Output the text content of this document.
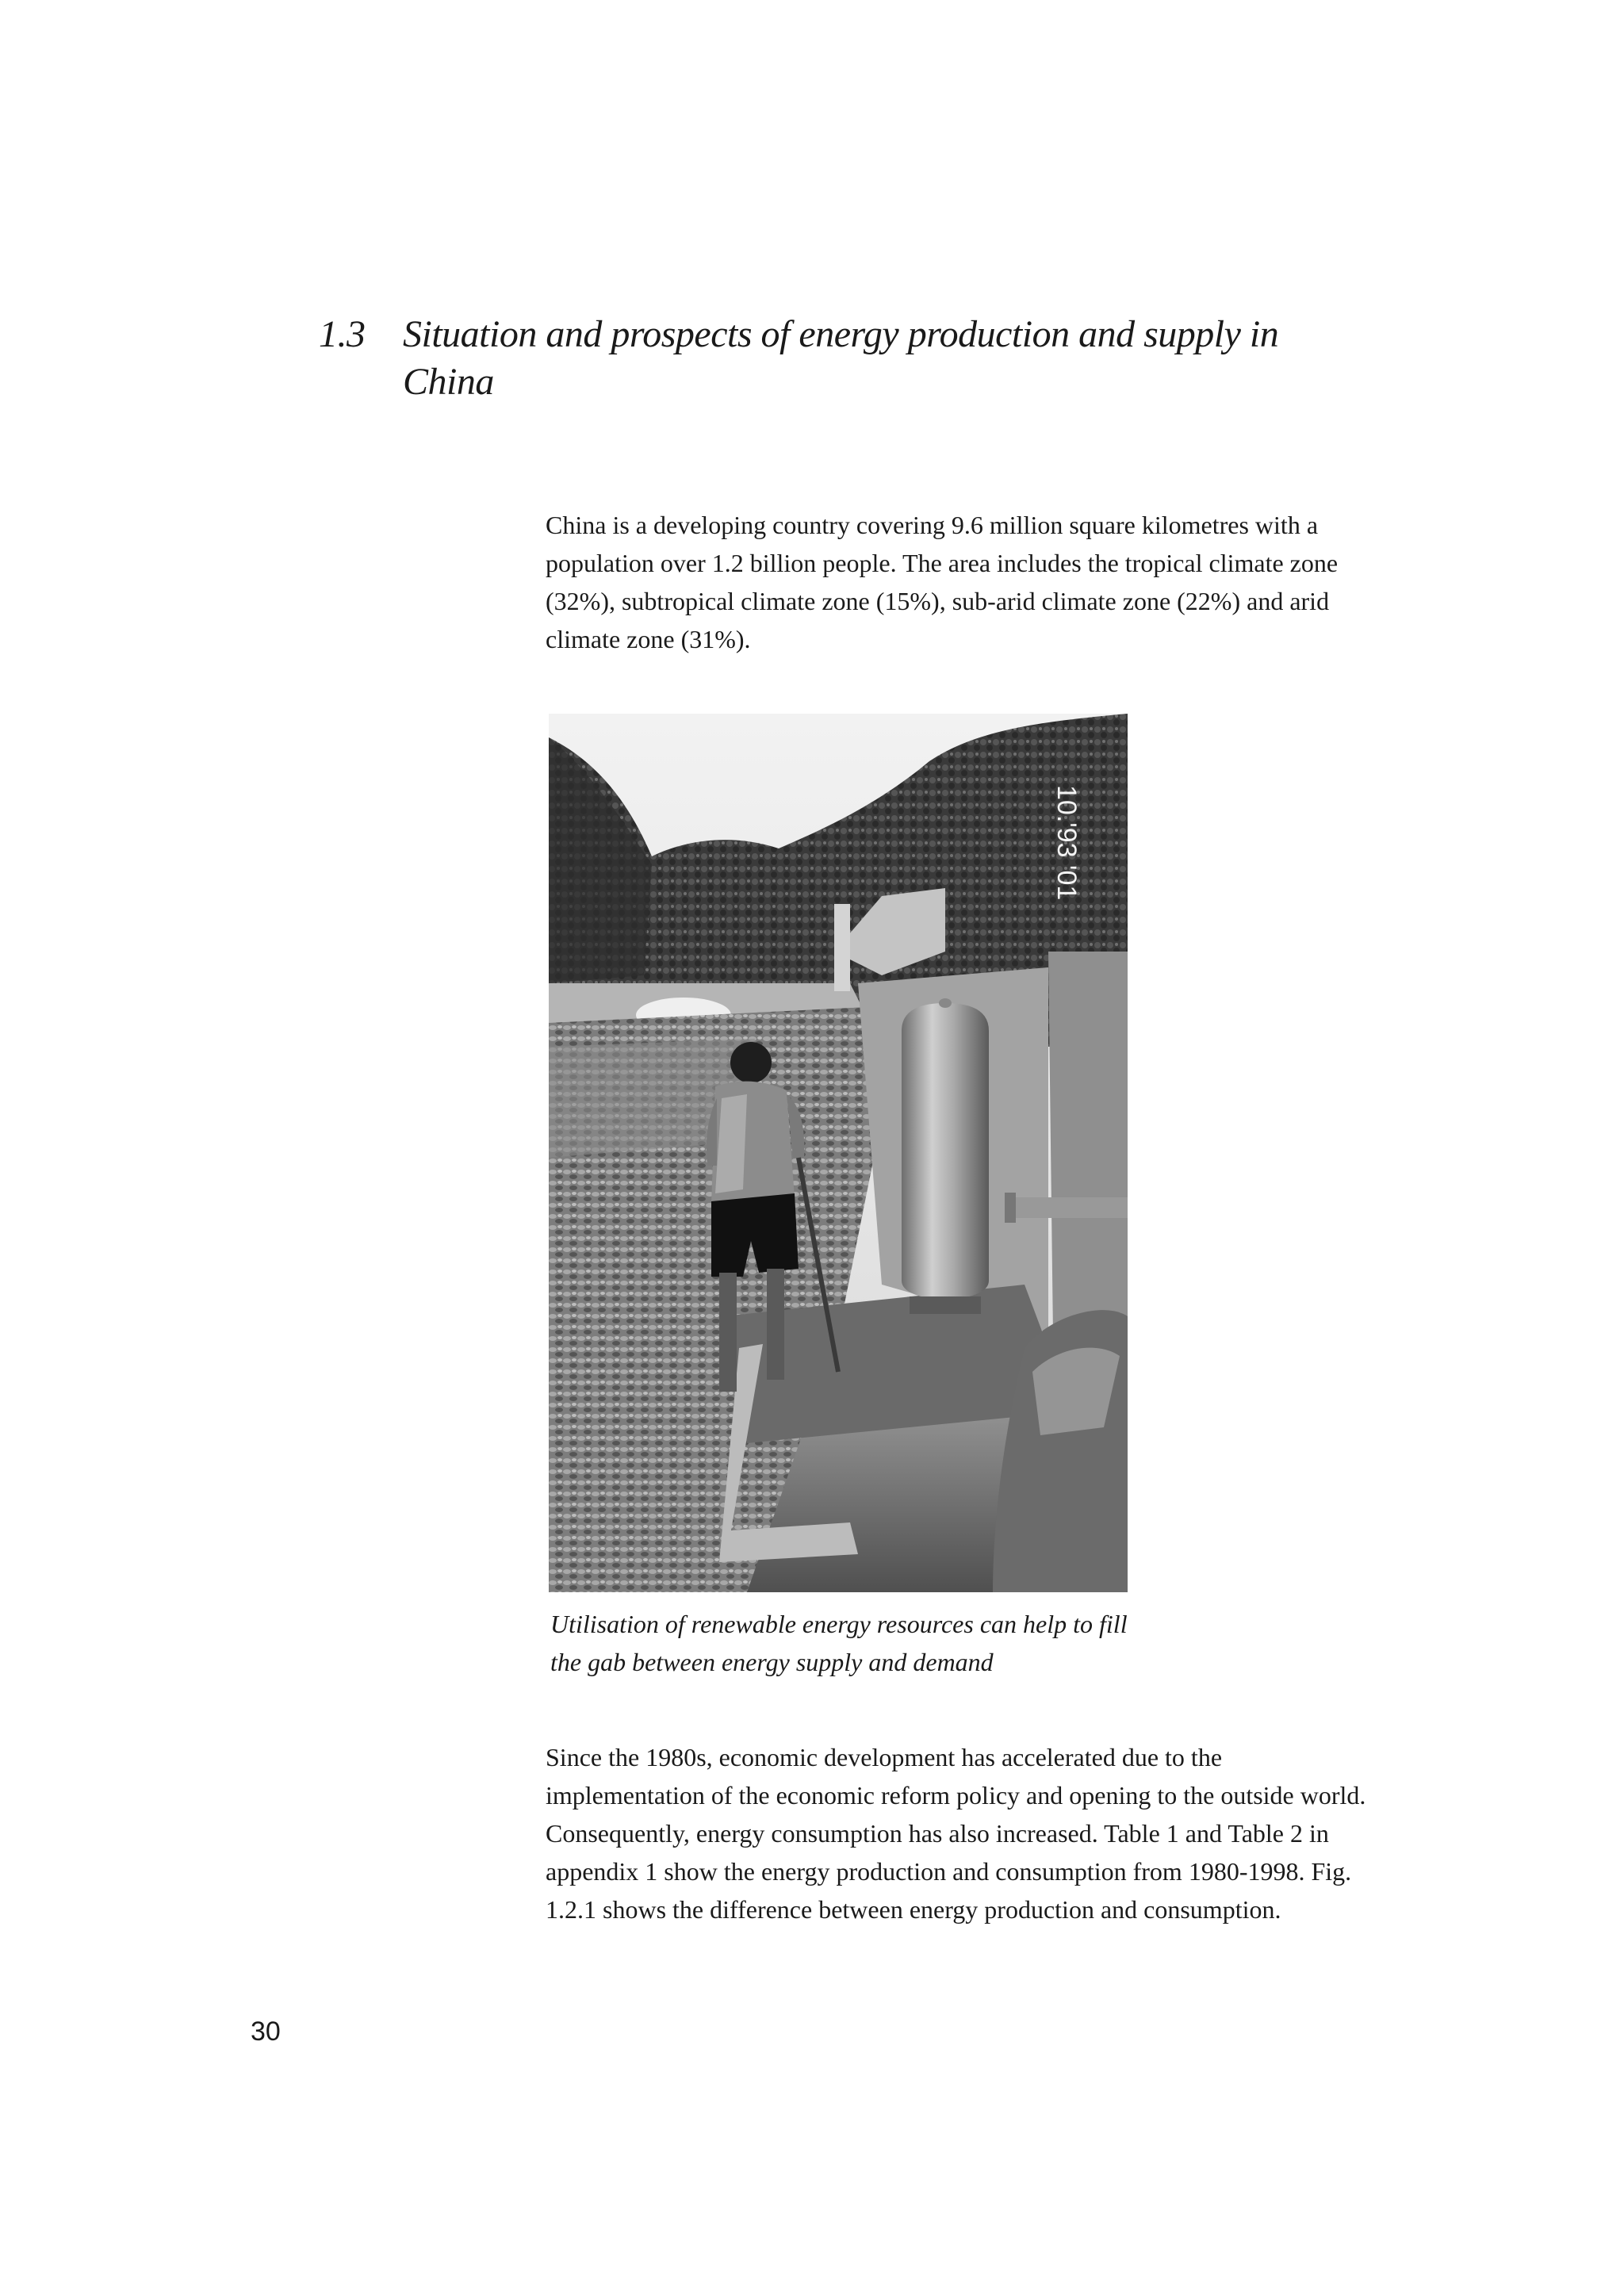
1.3 Situation and prospects of energy production and supply in China
China is a developing country covering 9.6 million square kilometres with a population over 1.2 billion people. The area includes the tropical climate zone (32%), subtropical climate zone (15%), sub-arid climate zone (22%) and arid climate zone (31%).
10.'93 '01
Utilisation of renewable energy resources can help to fill the gab between energy supply and demand
Since the 1980s, economic development has accelerated due to the implementation of the economic reform policy and opening to the outside world. Consequently, energy consumption has also increased. Table 1 and Table 2 in appendix 1 show the energy production and consumption from 1980-1998. Fig. 1.2.1 shows the difference between energy production and consumption.
30
